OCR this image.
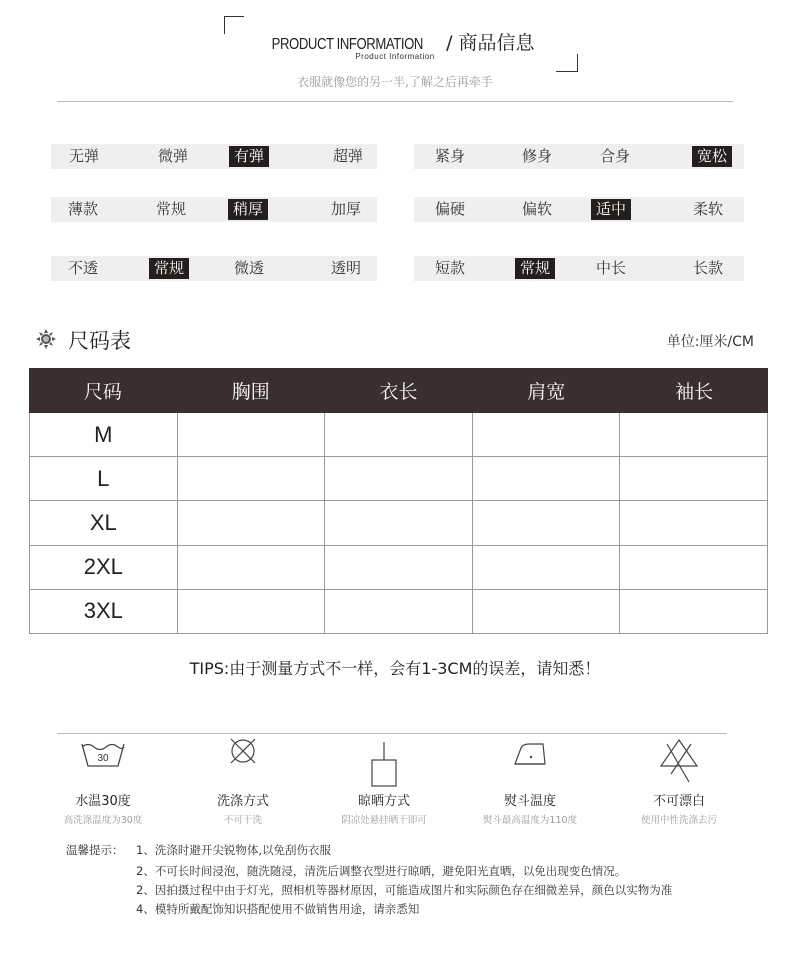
PRODUCT INFORMATION / 商品信息
Product Information
衣服就像您的另一半,了解之后再牵手
无弹	微弹	有弹	超弹	紧身	修身	合身	宽松
薄款	常规	稍厚	加厚	偏硬	偏软	适中	柔软
不透	常规	微透	透明	短款	常规	中长	长款
尺码表	单位:厘米/CM
尺码	胸围	衣长	肩宽	袖长
M
L
XL
2XL
3XL
TIPS:由于测量方式不一样，会有1-3CM的误差，请知悉！
30
水温30度
高洗涤温度为30度
洗涤方式
不可干洗
晾晒方式
阴凉处悬挂晒干即可
熨斗温度
熨斗最高温度为110度
不可漂白
使用中性洗涤去污
温馨提示： 1、洗涤时避开尖锐物体,以免刮伤衣服
2、不可长时间浸泡，随洗随浸，清洗后调整衣型进行晾晒，避免阳光直晒，以免出现变色情况。
2、因拍摄过程中由于灯光，照相机等器材原因，可能造成图片和实际颜色存在细微差异，颜色以实物为准
4、模特所戴配饰知识搭配使用不做销售用途，请亲悉知
